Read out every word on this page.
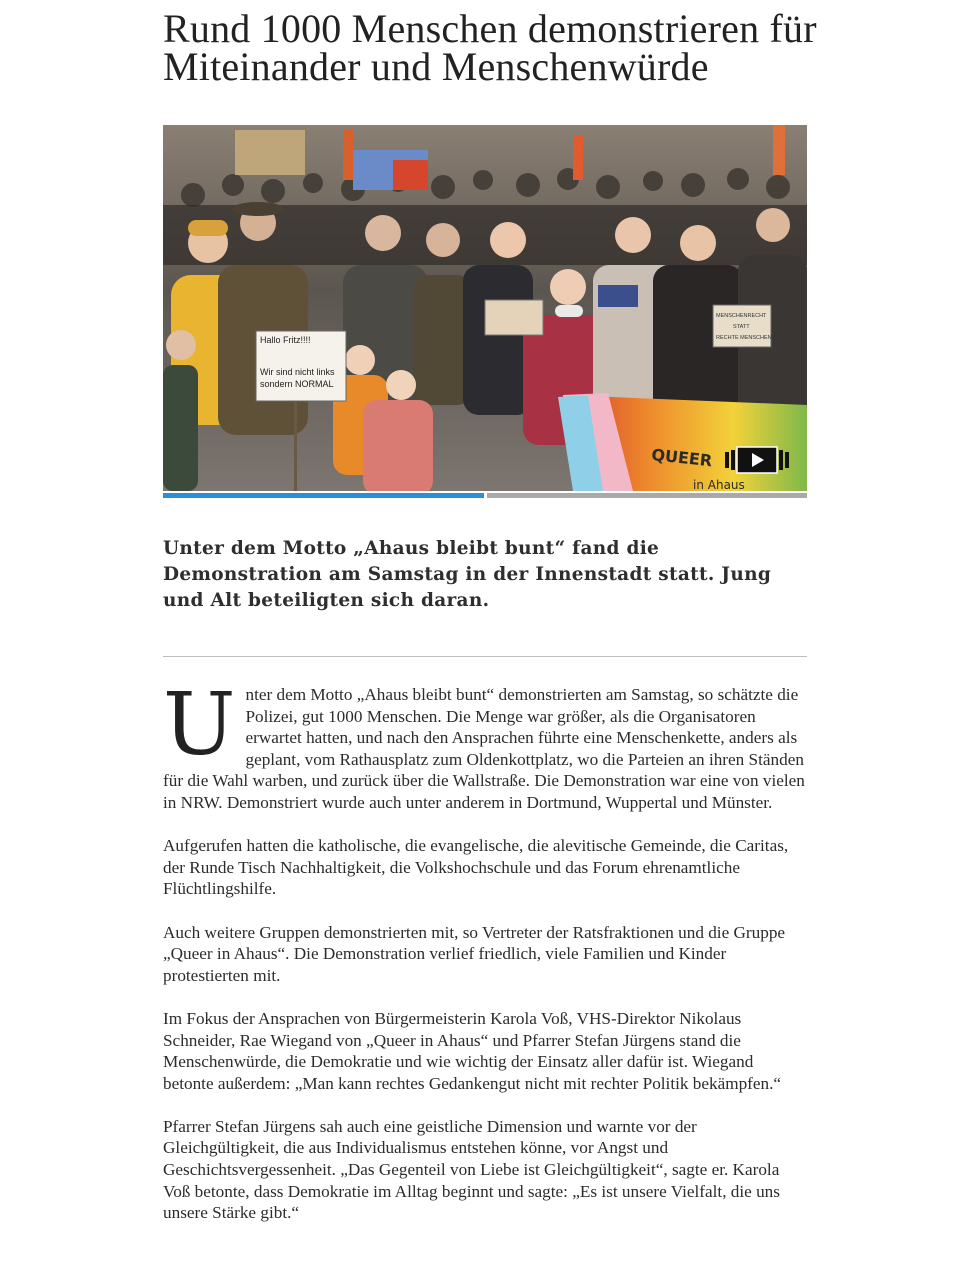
Rund 1000 Menschen demonstrieren für
Miteinander und Menschenwürde
Hallo Fritz!!!!
Wir sind nicht links
sondern NORMAL
MENSCHENRECHT
STATT
RECHTE MENSCHEN
QUEER
in Ahaus

Unter dem Motto „Ahaus bleibt bunt“ fand die Demonstration am Samstag in der Innenstadt statt. Jung und Alt beteiligten sich daran.

Unter dem Motto „Ahaus bleibt bunt“ demonstrierten am Samstag, so schätzte die Polizei, gut 1000 Menschen. Die Menge war größer, als die Organisatoren erwartet hatten, und nach den Ansprachen führte eine Menschenkette, anders als geplant, vom Rathausplatz zum Oldenkottplatz, wo die Parteien an ihren Ständen für die Wahl warben, und zurück über die Wallstraße. Die Demonstration war eine von vielen in NRW. Demonstriert wurde auch unter anderem in Dortmund, Wuppertal und Münster.

Aufgerufen hatten die katholische, die evangelische, die alevitische Gemeinde, die Caritas, der Runde Tisch Nachhaltigkeit, die Volkshochschule und das Forum ehrenamtliche Flüchtlingshilfe.

Auch weitere Gruppen demonstrierten mit, so Vertreter der Ratsfraktionen und die Gruppe „Queer in Ahaus“. Die Demonstration verlief friedlich, viele Familien und Kinder protestierten mit.

Im Fokus der Ansprachen von Bürgermeisterin Karola Voß, VHS-Direktor Nikolaus Schneider, Rae Wiegand von „Queer in Ahaus“ und Pfarrer Stefan Jürgens stand die Menschenwürde, die Demokratie und wie wichtig der Einsatz aller dafür ist. Wiegand betonte außerdem: „Man kann rechtes Gedankengut nicht mit rechter Politik bekämpfen.“

Pfarrer Stefan Jürgens sah auch eine geistliche Dimension und warnte vor der Gleichgültigkeit, die aus Individualismus entstehen könne, vor Angst und Geschichtsvergessenheit. „Das Gegenteil von Liebe ist Gleichgültigkeit“, sagte er. Karola Voß betonte, dass Demokratie im Alltag beginnt und sagte: „Es ist unsere Vielfalt, die uns unsere Stärke gibt.“
